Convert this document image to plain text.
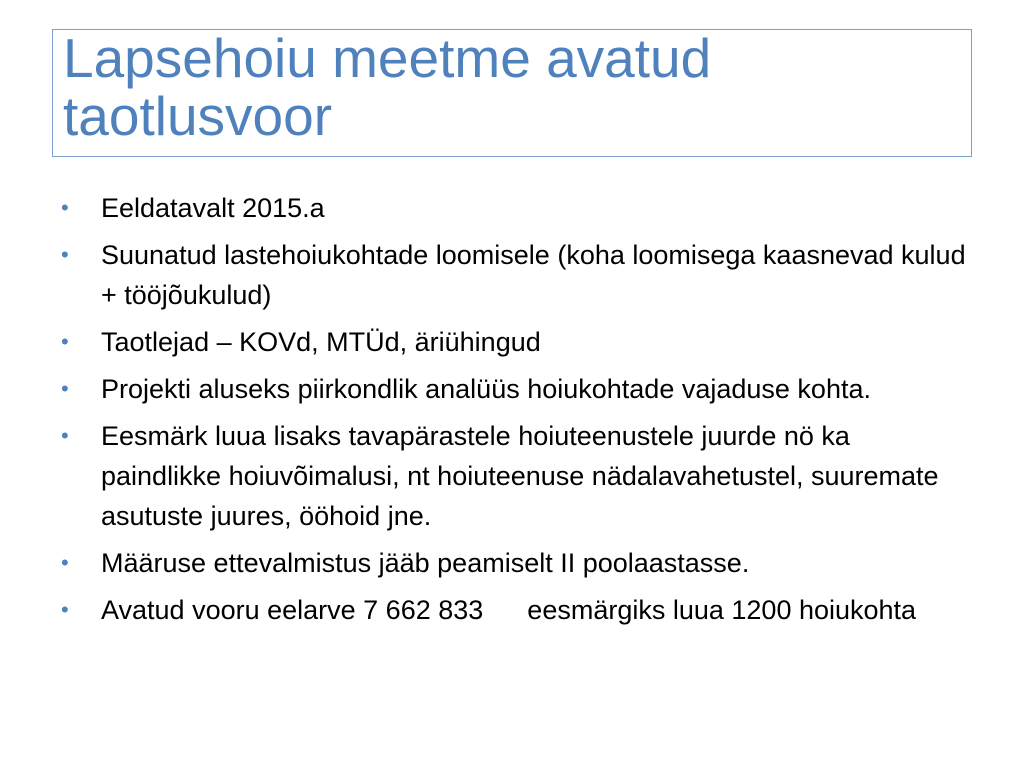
Lapsehoiu meetme avatud
taotlusvoor
• Eeldatavalt 2015.a
• Suunatud lastehoiukohtade loomisele (koha loomisega kaasnevad kulud + tööjõukulud)
• Taotlejad – KOVd, MTÜd, äriühingud
• Projekti aluseks piirkondlik analüüs hoiukohtade vajaduse kohta.
• Eesmärk luua lisaks tavapärastele hoiuteenustele juurde nö ka paindlikke hoiuvõimalusi, nt hoiuteenuse nädalavahetustel, suuremate asutuste juures, ööhoid jne.
• Määruse ettevalmistus jääb peamiselt II poolaastasse.
• Avatud vooru eelarve 7 662 833 eesmärgiks luua 1200 hoiukohta
